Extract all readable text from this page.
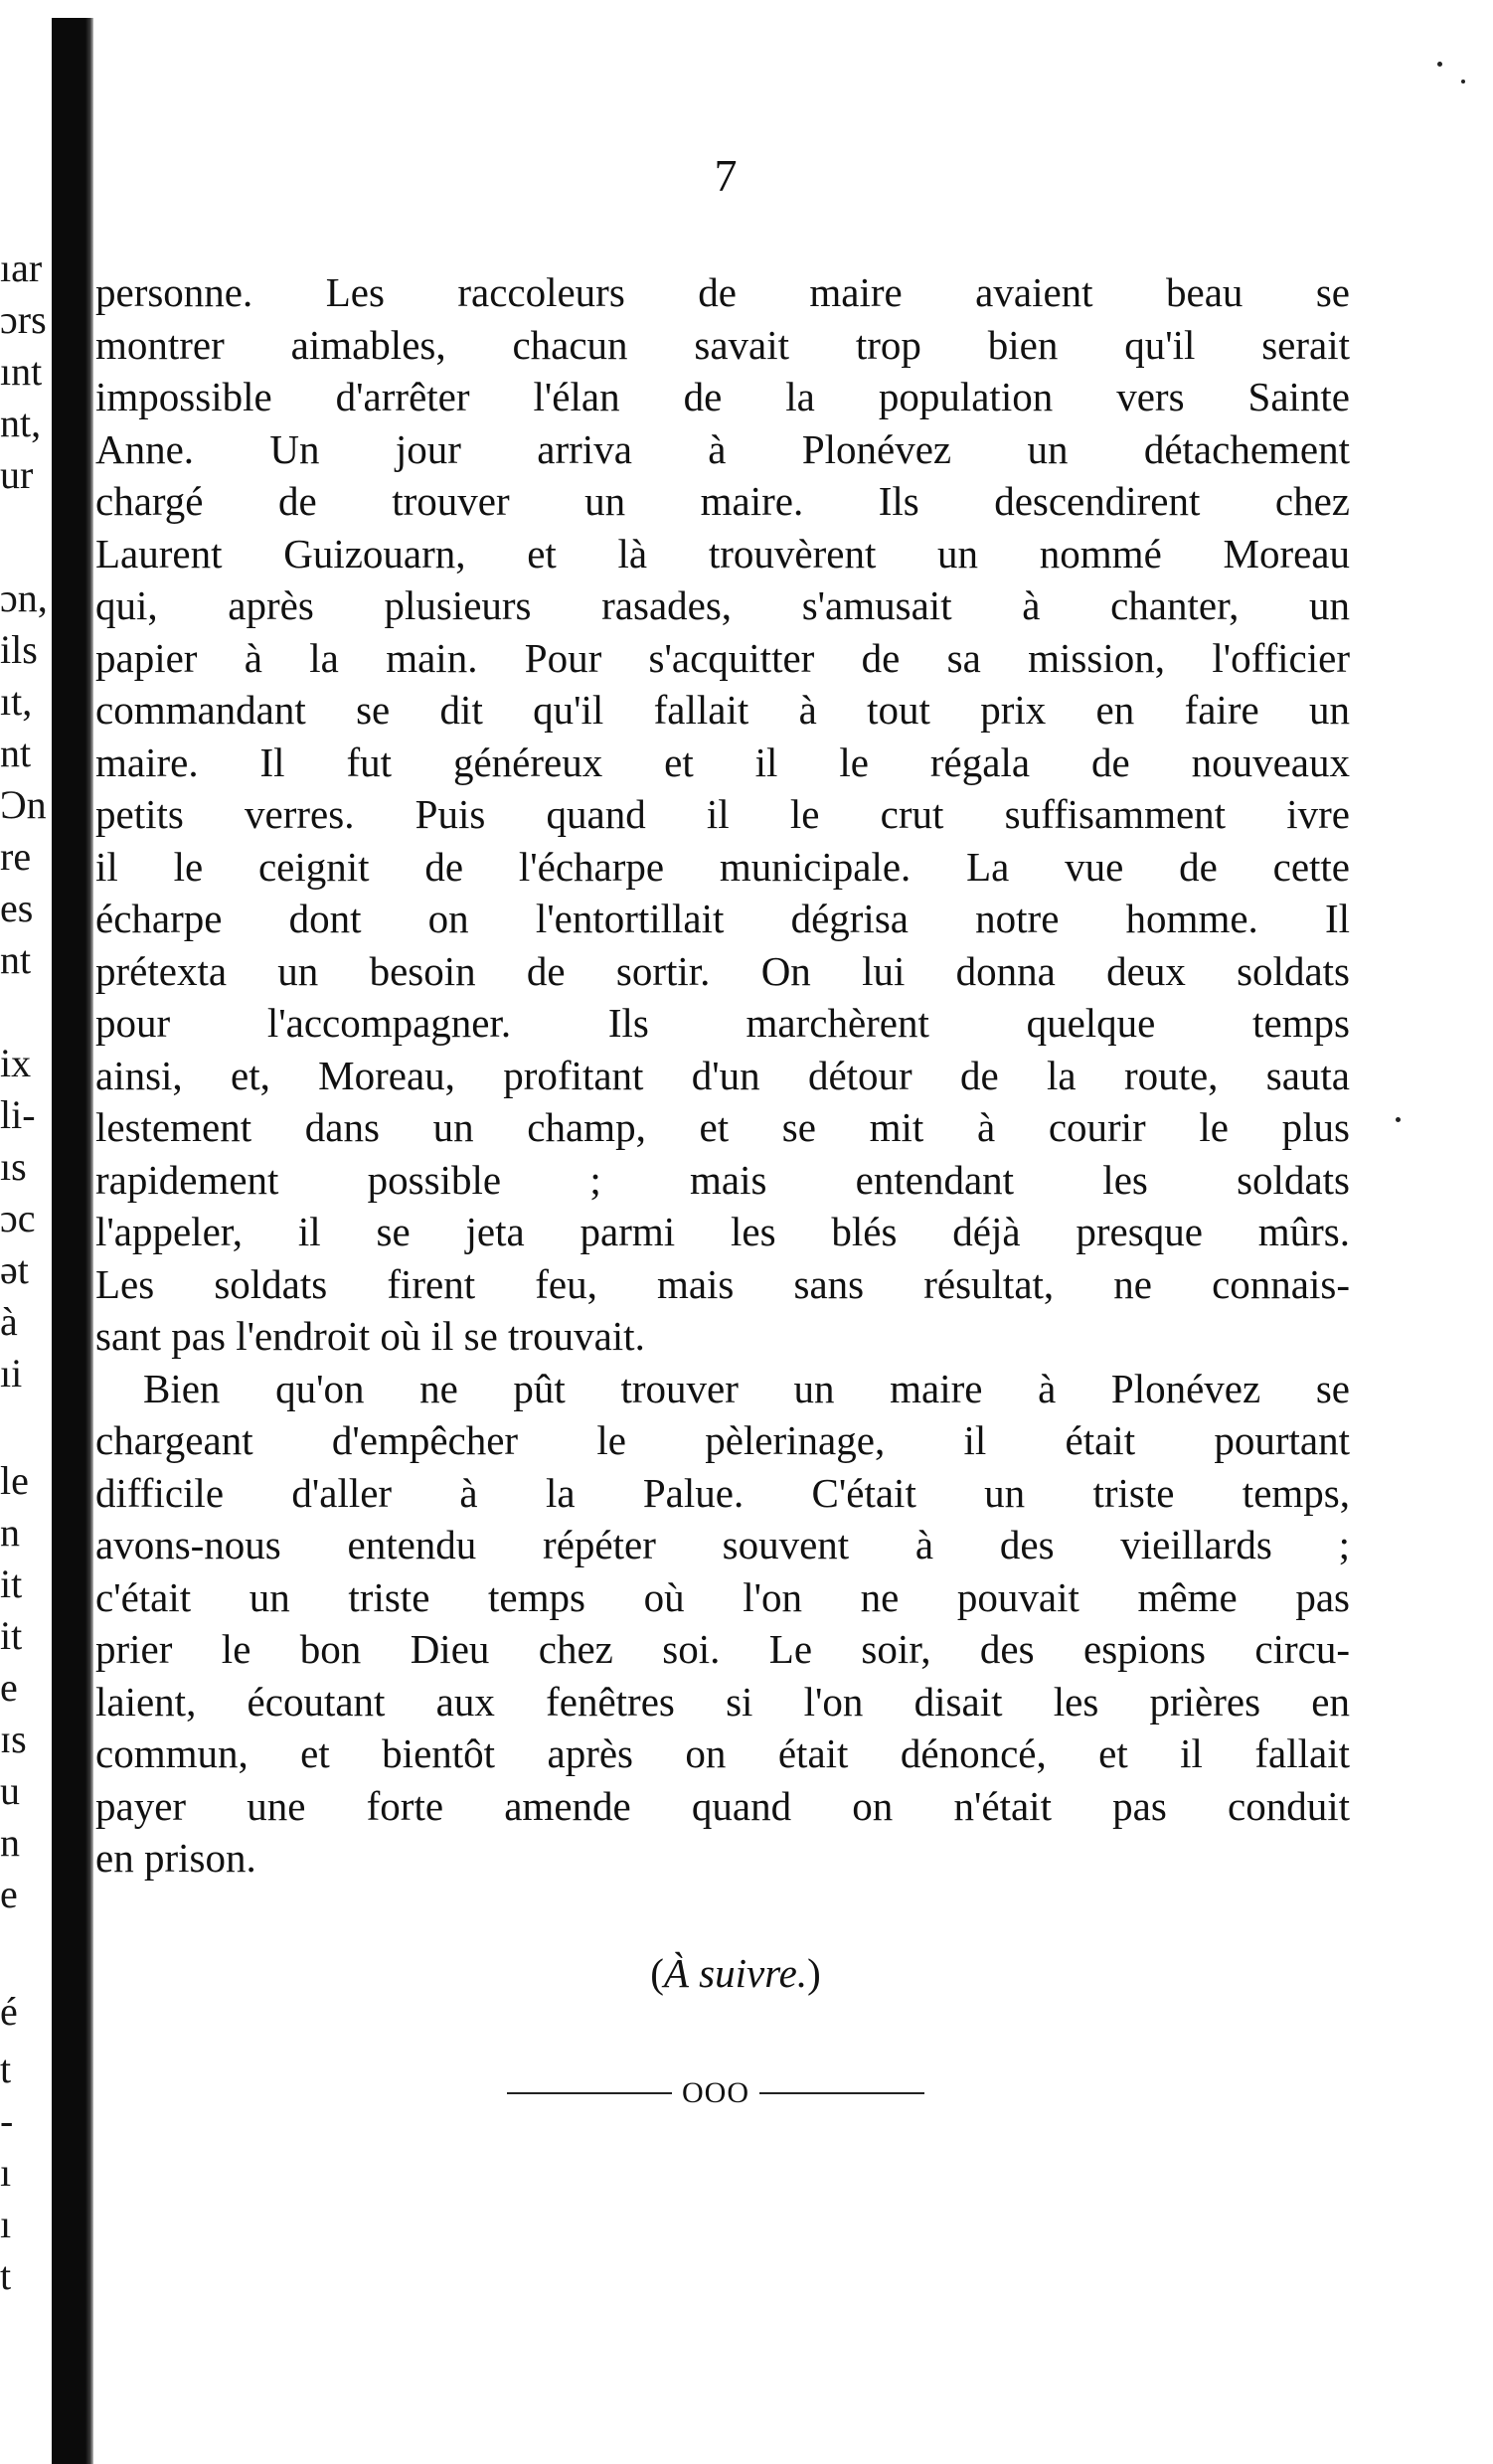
ıar
ɔrs
ınt
nt,
ur
ɔn,
ils
ıt,
nt
Ɔn
re
es
nt
ix
li-
ıs
ɔc
ət
à
ıi
le
n
it
it
e
ɪs
u
n
e
é
t
-
ı
ı
t
7

personne. Les raccoleurs de maire avaient beau se
montrer aimables, chacun savait trop bien qu'il serait
impossible d'arrêter l'élan de la population vers Sainte
Anne. Un jour arriva à Plonévez un détachement
chargé de trouver un maire. Ils descendirent chez
Laurent Guizouarn, et là trouvèrent un nommé Moreau
qui, après plusieurs rasades, s'amusait à chanter, un
papier à la main. Pour s'acquitter de sa mission, l'officier
commandant se dit qu'il fallait à tout prix en faire un
maire. Il fut généreux et il le régala de nouveaux
petits verres. Puis quand il le crut suffisamment ivre
il le ceignit de l'écharpe municipale. La vue de cette
écharpe dont on l'entortillait dégrisa notre homme. Il
prétexta un besoin de sortir. On lui donna deux soldats
pour l'accompagner. Ils marchèrent quelque temps
ainsi, et, Moreau, profitant d'un détour de la route, sauta
lestement dans un champ, et se mit à courir le plus
rapidement possible ; mais entendant les soldats
l'appeler, il se jeta parmi les blés déjà presque mûrs.
Les soldats firent feu, mais sans résultat, ne connais-
sant pas l'endroit où il se trouvait.

Bien qu'on ne pût trouver un maire à Plonévez se
chargeant d'empêcher le pèlerinage, il était pourtant
difficile d'aller à la Palue. C'était un triste temps,
avons-nous entendu répéter souvent à des vieillards ;
c'était un triste temps où l'on ne pouvait même pas
prier le bon Dieu chez soi. Le soir, des espions circu-
laient, écoutant aux fenêtres si l'on disait les prières en
commun, et bientôt après on était dénoncé, et il fallait
payer une forte amende quand on n'était pas conduit
en prison.

(À suivre.)
OOO
